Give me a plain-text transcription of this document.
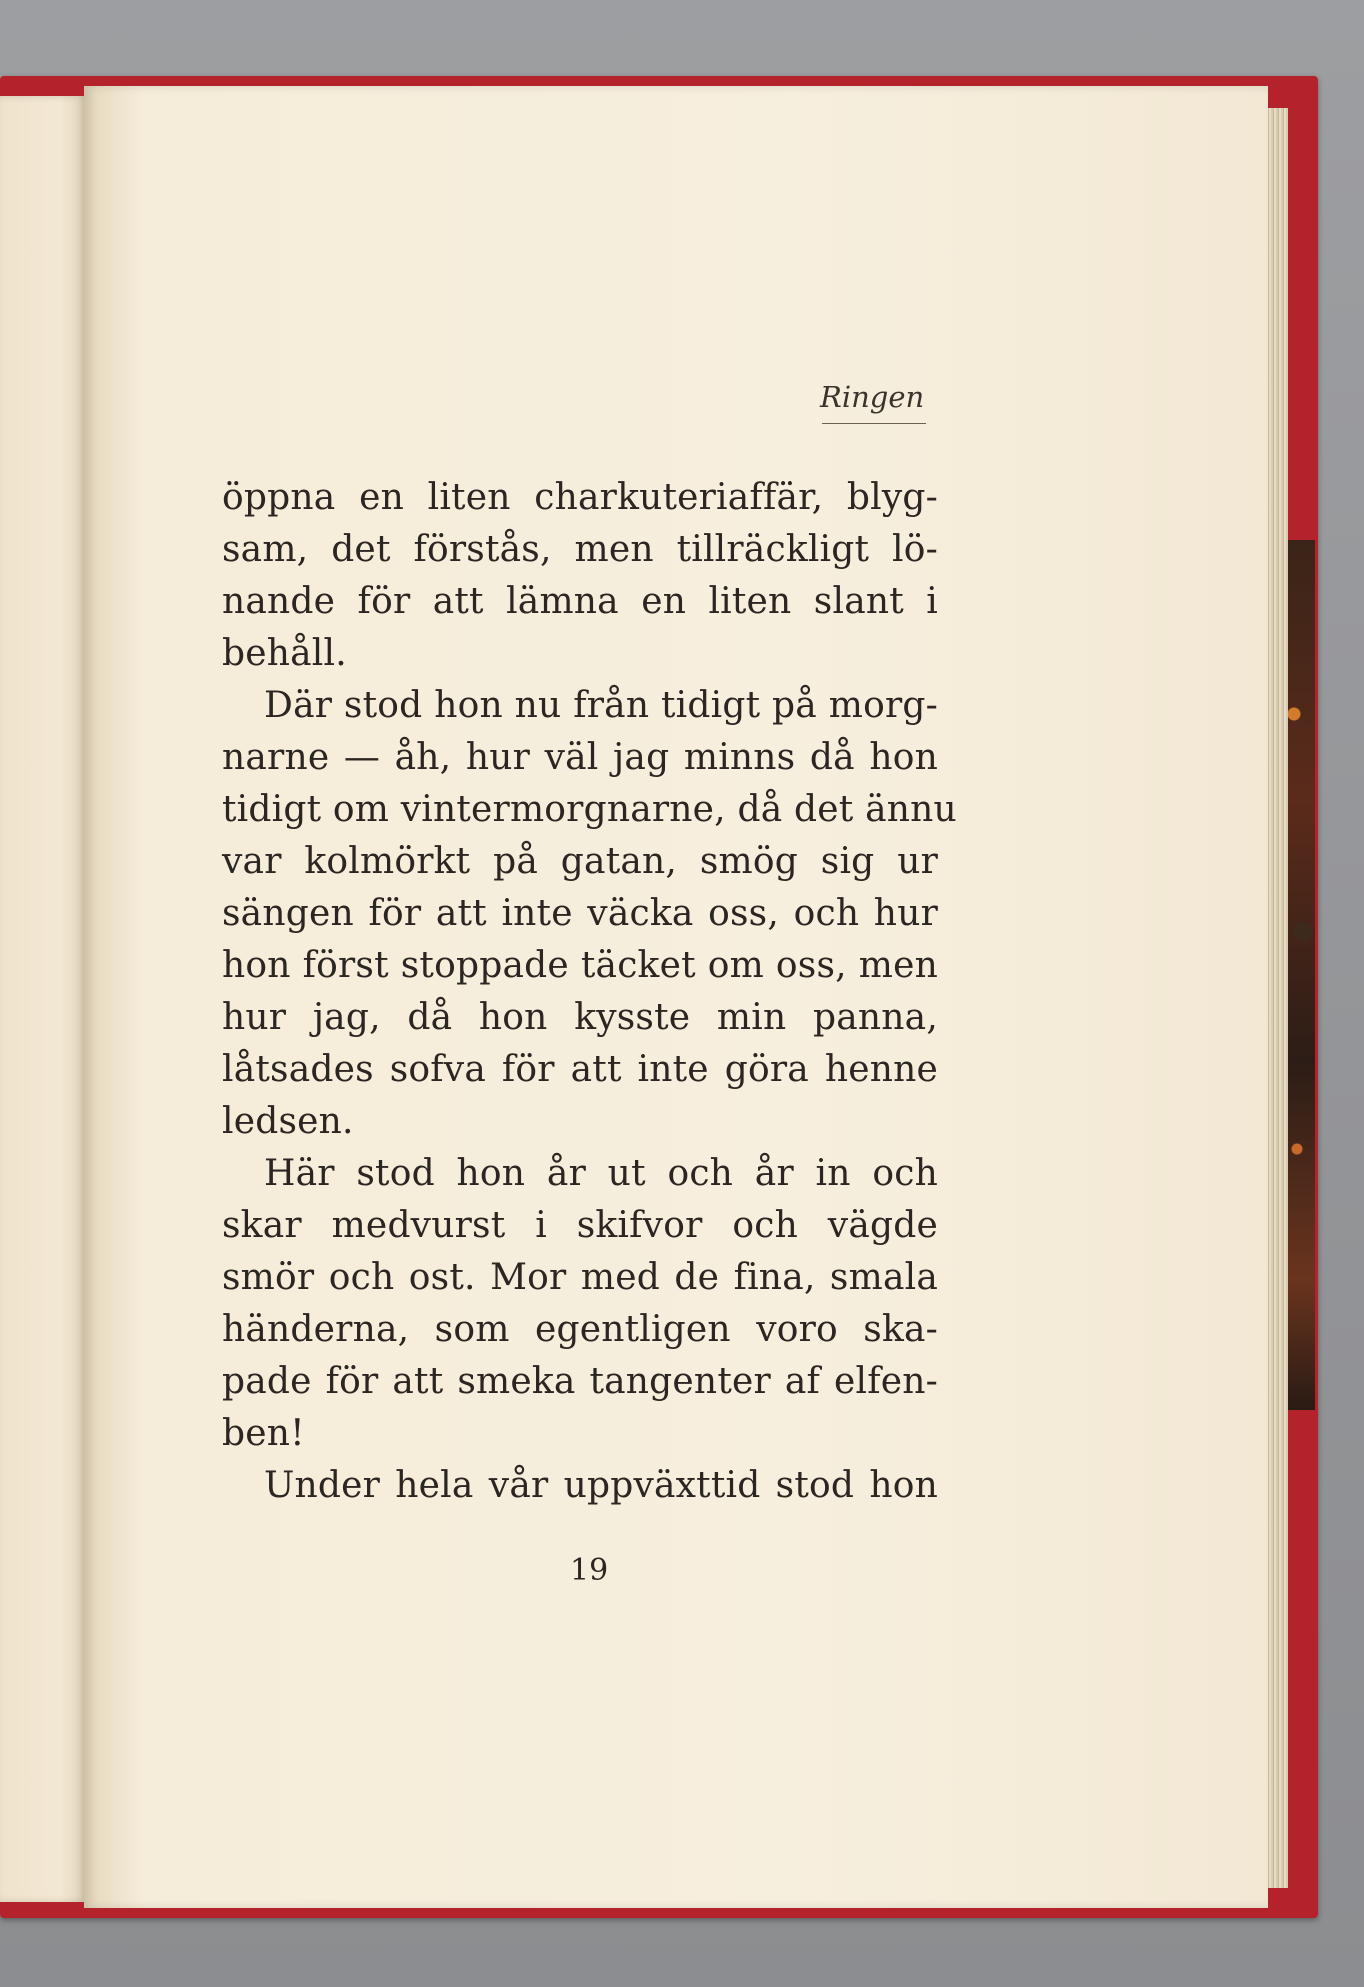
Ringen
öppna en liten charkuteriaffär, blyg-
sam, det förstås, men tillräckligt lö-
nande för att lämna en liten slant i
behåll.
Där stod hon nu från tidigt på morg-
narne — åh, hur väl jag minns då hon
tidigt om vintermorgnarne, då det ännu
var kolmörkt på gatan, smög sig ur
sängen för att inte väcka oss, och hur
hon först stoppade täcket om oss, men
hur jag, då hon kysste min panna,
låtsades sofva för att inte göra henne
ledsen.
Här stod hon år ut och år in och
skar medvurst i skifvor och vägde
smör och ost. Mor med de fina, smala
händerna, som egentligen voro ska-
pade för att smeka tangenter af elfen-
ben!
Under hela vår uppväxttid stod hon
19
